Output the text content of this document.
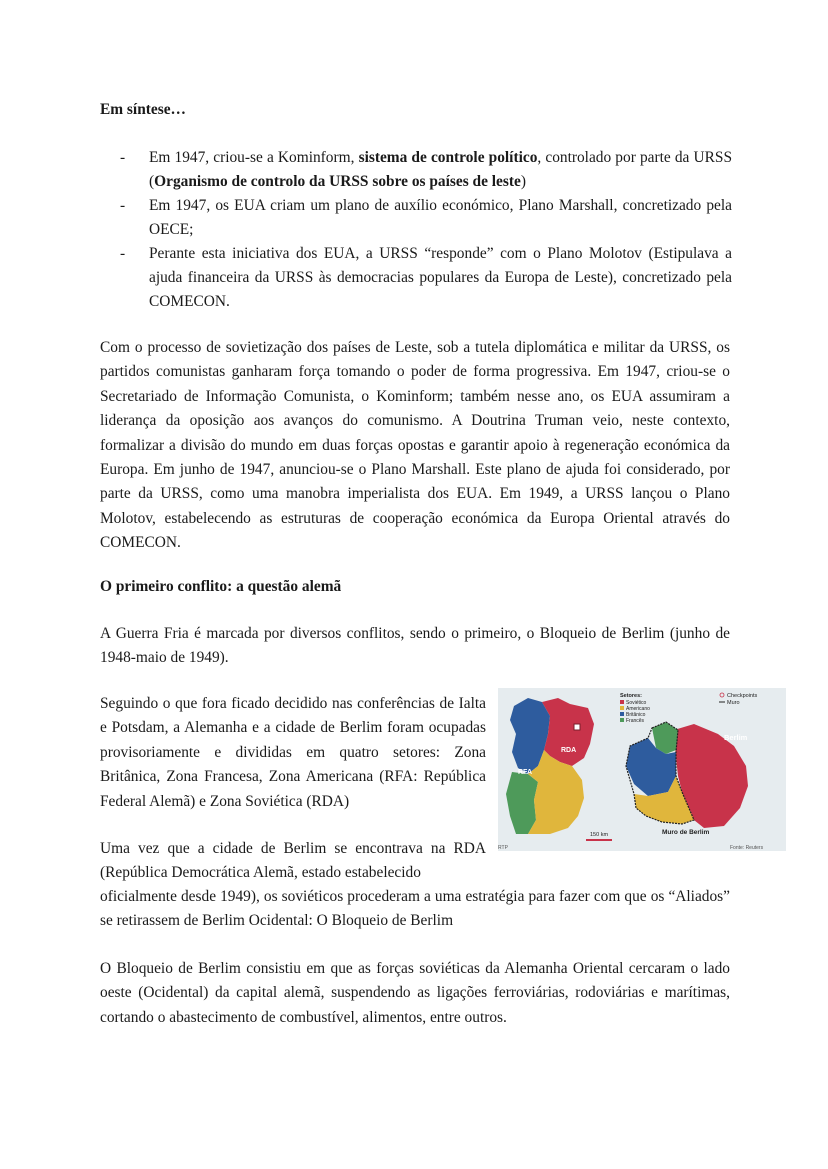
Em síntese…
- Em 1947, criou-se a Kominform, sistema de controle político, controlado por parte da URSS (Organismo de controlo da URSS sobre os países de leste)
- Em 1947, os EUA criam um plano de auxílio económico, Plano Marshall, concretizado pela OECE;
- Perante esta iniciativa dos EUA, a URSS “responde” com o Plano Molotov (Estipulava a ajuda financeira da URSS às democracias populares da Europa de Leste), concretizado pela COMECON.

Com o processo de sovietização dos países de Leste, sob a tutela diplomática e militar da URSS, os partidos comunistas ganharam força tomando o poder de forma progressiva. Em 1947, criou-se o Secretariado de Informação Comunista, o Kominform; também nesse ano, os EUA assumiram a liderança da oposição aos avanços do comunismo. A Doutrina Truman veio, neste contexto, formalizar a divisão do mundo em duas forças opostas e garantir apoio à regeneração económica da Europa. Em junho de 1947, anunciou-se o Plano Marshall. Este plano de ajuda foi considerado, por parte da URSS, como uma manobra imperialista dos EUA. Em 1949, a URSS lançou o Plano Molotov, estabelecendo as estruturas de cooperação económica da Europa Oriental através do COMECON.

O primeiro conflito: a questão alemã

A Guerra Fria é marcada por diversos conflitos, sendo o primeiro, o Bloqueio de Berlim (junho de 1948-maio de 1949).

Seguindo o que fora ficado decidido nas conferências de Ialta e Potsdam, a Alemanha e a cidade de Berlim foram ocupadas provisoriamente e divididas em quatro setores: Zona Britânica, Zona Francesa, Zona Americana (RFA: República Federal Alemã) e Zona Soviética (RDA)

Uma vez que a cidade de Berlim se encontrava na RDA (República Democrática Alemã, estado estabelecido

oficialmente desde 1949), os soviéticos procederam a uma estratégia para fazer com que os “Aliados” se retirassem de Berlim Ocidental: O Bloqueio de Berlim

O Bloqueio de Berlim consistiu em que as forças soviéticas da Alemanha Oriental cercaram o lado oeste (Ocidental) da capital alemã, suspendendo as ligações ferroviárias, rodoviárias e marítimas, cortando o abastecimento de combustível, alimentos, entre outros.

RDA
RFA
150 km
Berlim
Muro de Berlim
Setores:
Soviético
Americano
Britânico
Francês
Checkpoints
Muro
RTP	Fonte: Reuters
